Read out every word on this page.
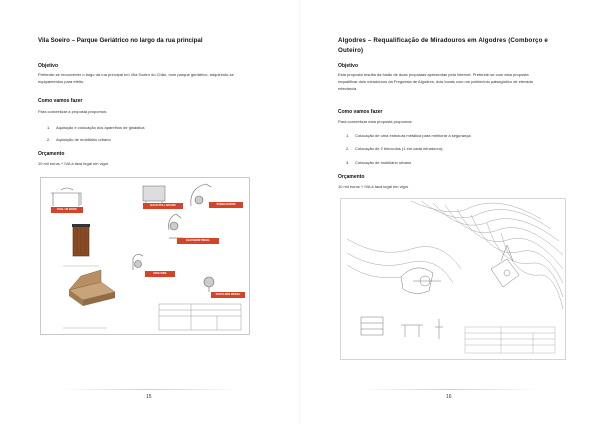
Vila Soeiro – Parque Geriátrico no largo da rua principal
Objetivo
Pretende-se reconverter o largo da rua principal em Vila Soeiro do Chão, num parque geriátrico, adquirindo-se
equipamentos para efeito.
Como vamos fazer
Para concretizar a proposta propomos:
1. Aquisição e colocação dos aparelhos de ginástica
2. Aquisição de mobiliário urbano
Orçamento
10 mil euros + IVA à taxa legal em vigor
PULL UP BOOK
BACK PULL BOARD	STABILIZADOR
ELEVADOR PEDAL
DISK SIDE
SHOULDER WHEEL
15
Algodres – Requalificação de Miradouros em Algodres (Comborço e Outeiro)
Objetivo
Esta proposta resulta da fusão de duas propostas apresentas pela Internet. Pretende-se com esta proposta
requalificar dois miradouros da Freguesia de Algodres, dois locais com um património paisagístico de elevada
relevância.
Como vamos fazer
Para concretizar esta proposta propomos:
1. Colocação de uma estrutura metálica para melhorar a segurança;
2. Colocação de 2 binóculos (1 em cada miradouro);
3. Colocação de mobiliário urbano
Orçamento
10 mil euros + IVA à taxa legal em vigor
16
